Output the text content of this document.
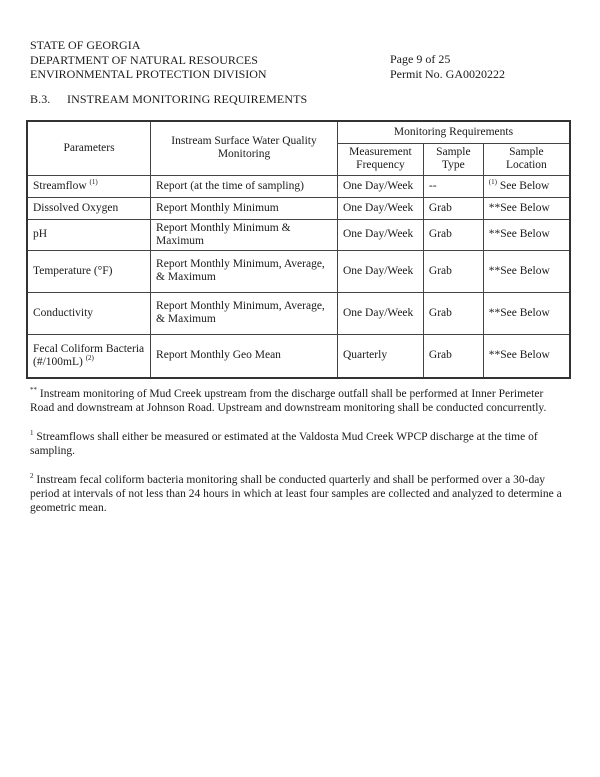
STATE OF GEORGIA
DEPARTMENT OF NATURAL RESOURCES
ENVIRONMENTAL PROTECTION DIVISION
Page 9 of 25
Permit No. GA0020222
B.3. INSTREAM MONITORING REQUIREMENTS
Parameters	Instream Surface Water Quality Monitoring	Monitoring Requirements		
		Measurement Frequency	Sample Type	Sample Location
Streamflow $^{(1)}$	Report (at the time of sampling)	One Day/Week	--	$^{(1)}$ See Below
Dissolved Oxygen	Report Monthly Minimum	One Day/Week	Grab	**See Below
pH	Report Monthly Minimum & Maximum	One Day/Week	Grab	**See Below
Temperature (°F)	Report Monthly Minimum, Average, & Maximum	One Day/Week	Grab	**See Below
Conductivity	Report Monthly Minimum, Average, & Maximum	One Day/Week	Grab	**See Below
Fecal Coliform Bacteria (#/100mL) $^{(2)}$	Report Monthly Geo Mean	Quarterly	Grab	**See Below
** Instream monitoring of Mud Creek upstream from the discharge outfall shall be performed at Inner Perimeter Road and downstream at Johnson Road. Upstream and downstream monitoring shall be conducted concurrently.
$^1$ Streamflows shall either be measured or estimated at the Valdosta Mud Creek WPCP discharge at the time of sampling.
$^2$ Instream fecal coliform bacteria monitoring shall be conducted quarterly and shall be performed over a 30-day period at intervals of not less than 24 hours in which at least four samples are collected and analyzed to determine a geometric mean.
